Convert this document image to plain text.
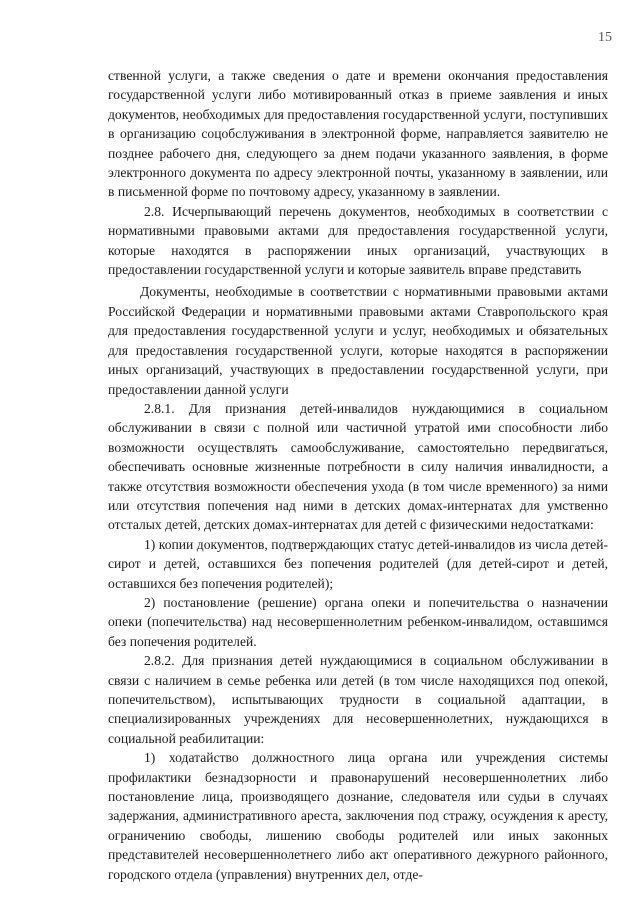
15

ственной услуги, а также сведения о дате и времени окончания предоставления государственной услуги либо мотивированный отказ в приеме заявления и иных документов, необходимых для предоставления государственной услуги, поступивших в организацию соцобслуживания в электронной форме, направляется заявителю не позднее рабочего дня, следующего за днем подачи указанного заявления, в форме электронного документа по адресу электронной почты, указанному в заявлении, или в письменной форме по почтовому адресу, указанному в заявлении.

2.8. Исчерпывающий перечень документов, необходимых в соответствии с нормативными правовыми актами для предоставления государственной услуги, которые находятся в распоряжении иных организаций, участвующих в предоставлении государственной услуги и которые заявитель вправе представить

Документы, необходимые в соответствии с нормативными правовыми актами Российской Федерации и нормативными правовыми актами Ставропольского края для предоставления государственной услуги и услуг, необходимых и обязательных для предоставления государственной услуги, которые находятся в распоряжении иных организаций, участвующих в предоставлении государственной услуги, при предоставлении данной услуги

2.8.1. Для признания детей-инвалидов нуждающимися в социальном обслуживании в связи с полной или частичной утратой ими способности либо возможности осуществлять самообслуживание, самостоятельно передвигаться, обеспечивать основные жизненные потребности в силу наличия инвалидности, а также отсутствия возможности обеспечения ухода (в том числе временного) за ними или отсутствия попечения над ними в детских домах-интернатах для умственно отсталых детей, детских домах-интернатах для детей с физическими недостатками:

1) копии документов, подтверждающих статус детей-инвалидов из числа детей-сирот и детей, оставшихся без попечения родителей (для детей-сирот и детей, оставшихся без попечения родителей);

2) постановление (решение) органа опеки и попечительства о назначении опеки (попечительства) над несовершеннолетним ребенком-инвалидом, оставшимся без попечения родителей.

2.8.2. Для признания детей нуждающимися в социальном обслуживании в связи с наличием в семье ребенка или детей (в том числе находящихся под опекой, попечительством), испытывающих трудности в социальной адаптации, в специализированных учреждениях для несовершеннолетних, нуждающихся в социальной реабилитации:

1) ходатайство должностного лица органа или учреждения системы профилактики безнадзорности и правонарушений несовершеннолетних либо постановление лица, производящего дознание, следователя или судьи в случаях задержания, административного ареста, заключения под стражу, осуждения к аресту, ограничению свободы, лишению свободы родителей или иных законных представителей несовершеннолетнего либо акт оперативного дежурного районного, городского отдела (управления) внутренних дел, отде-
